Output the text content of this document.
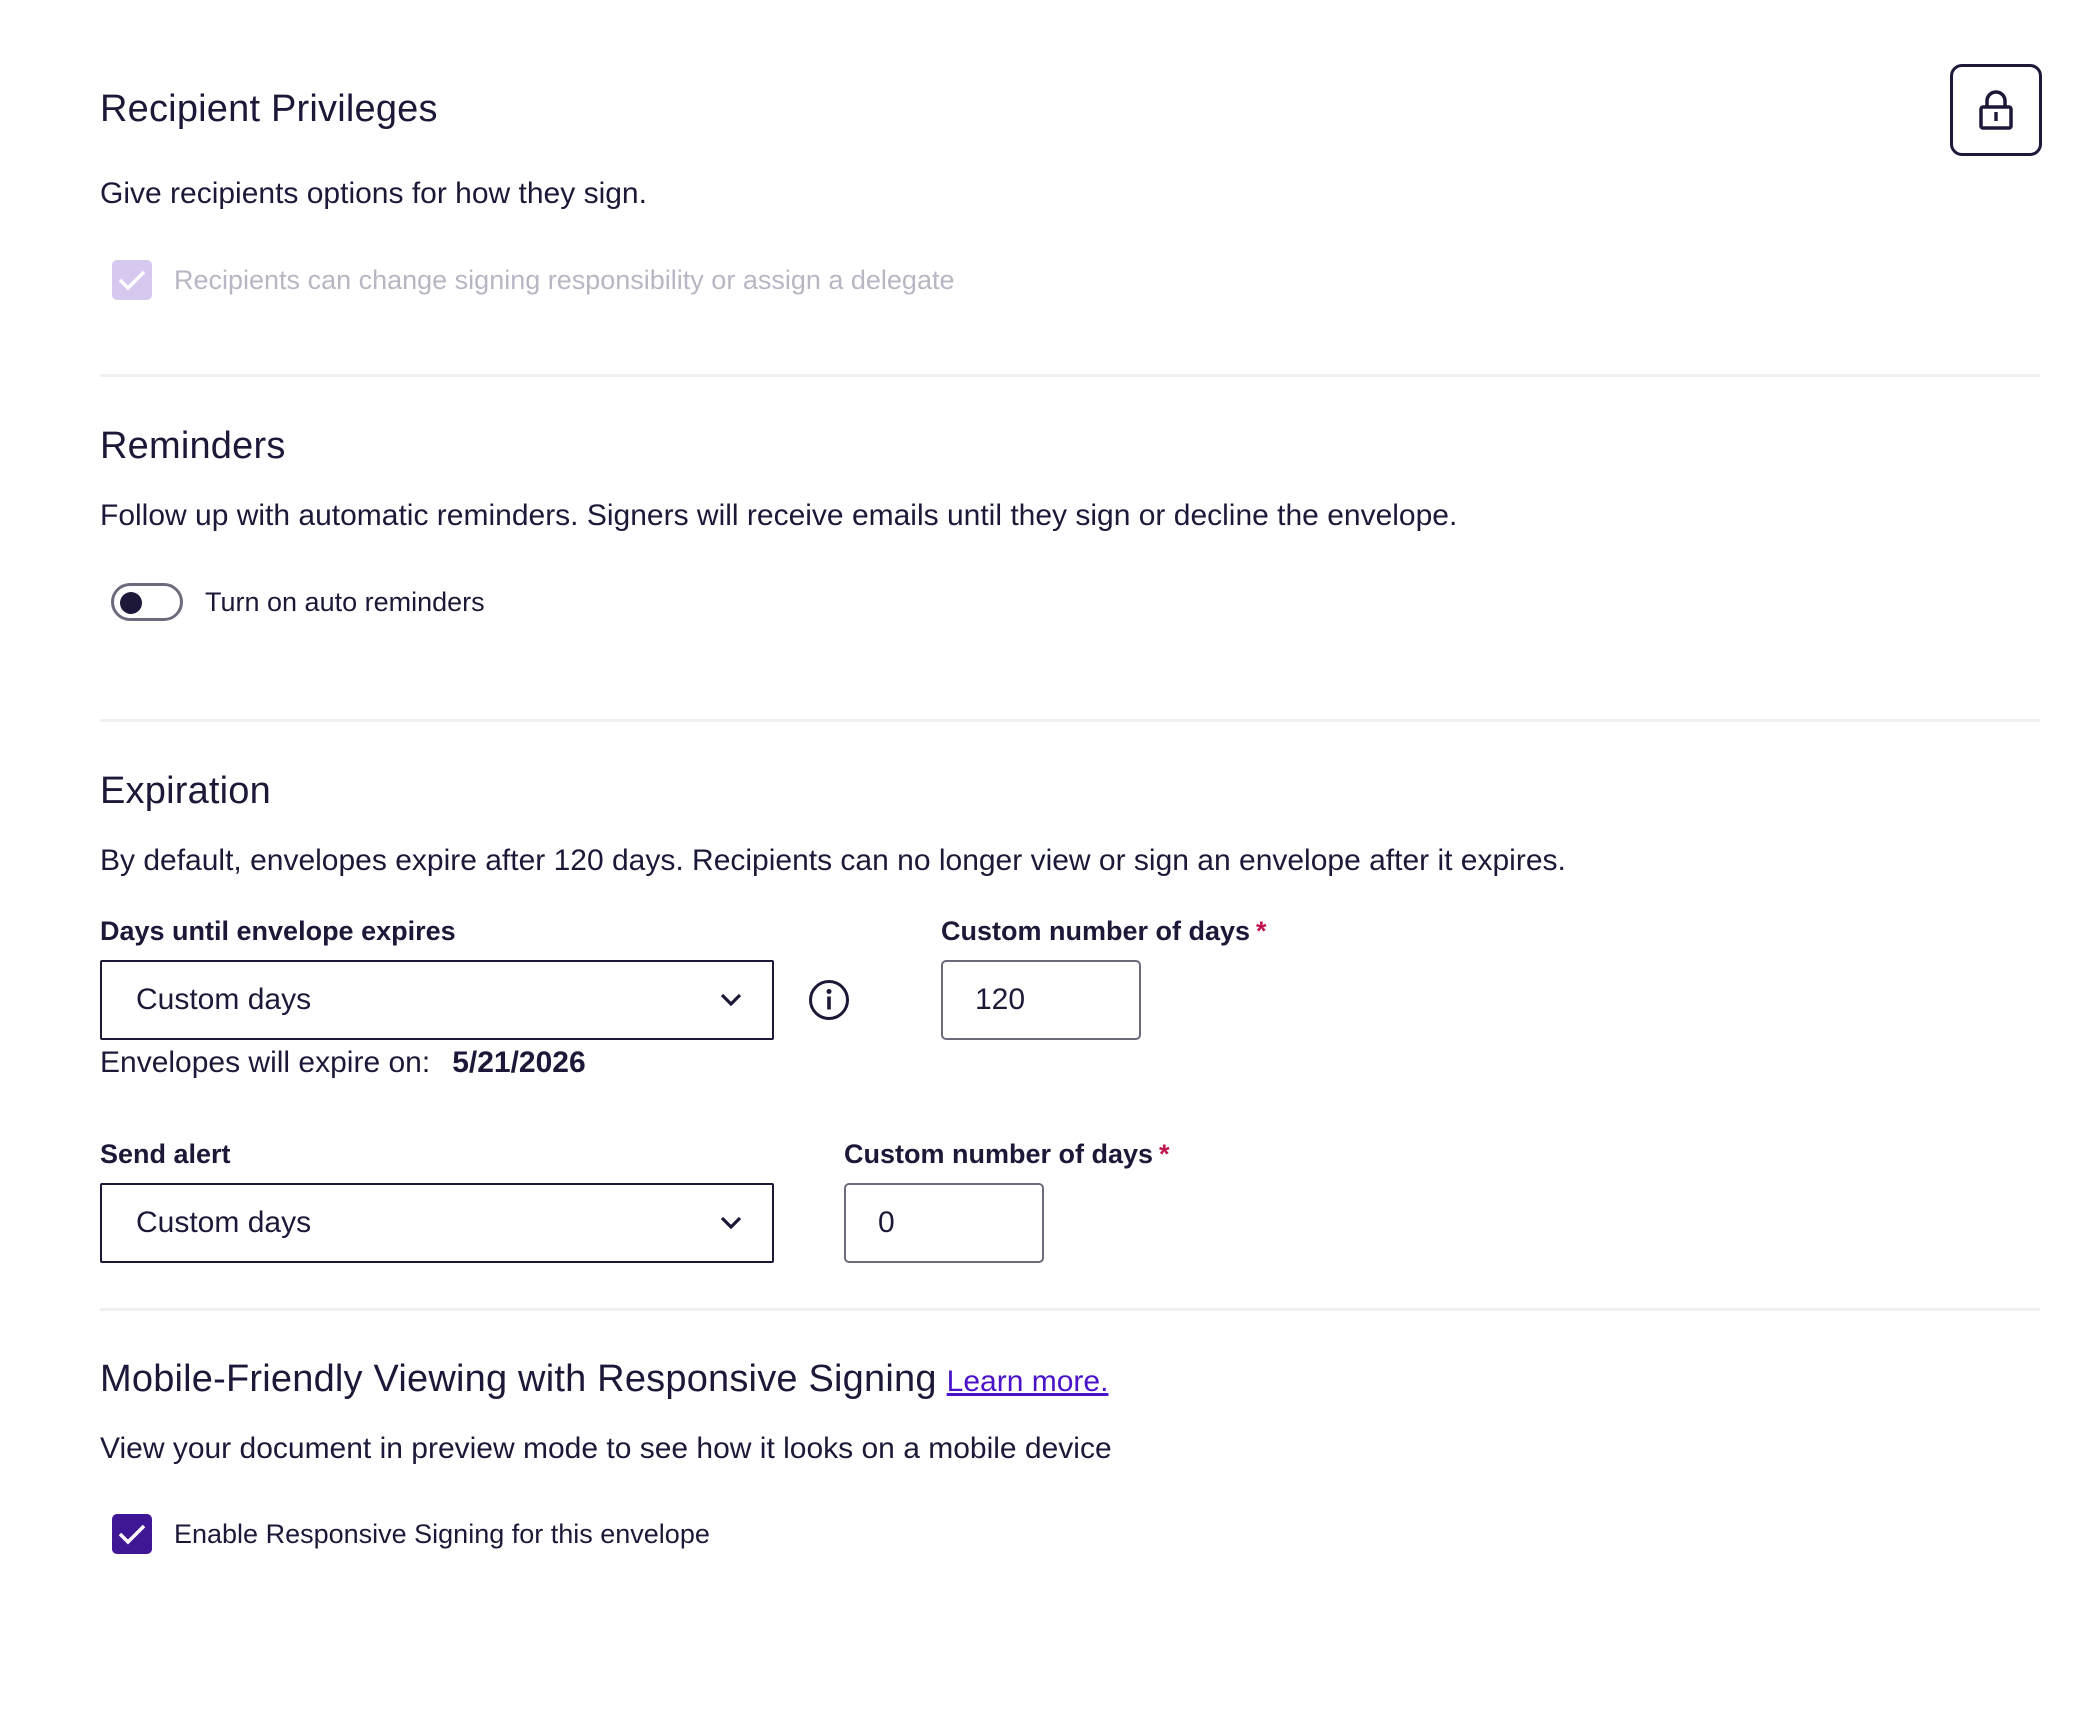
Recipient Privileges

Give recipients options for how they sign.

Recipients can change signing responsibility or assign a delegate
Reminders

Follow up with automatic reminders. Signers will receive emails until they sign or decline the envelope.

Turn on auto reminders
Expiration

By default, envelopes expire after 120 days. Recipients can no longer view or sign an envelope after it expires.

Days until envelope expires
Custom days
Custom number of days *
120
Envelopes will expire on: 5/21/2026
Send alert
Custom days
Custom number of days *
0
Mobile-Friendly Viewing with Responsive Signing Learn more.

View your document in preview mode to see how it looks on a mobile device

Enable Responsive Signing for this envelope
